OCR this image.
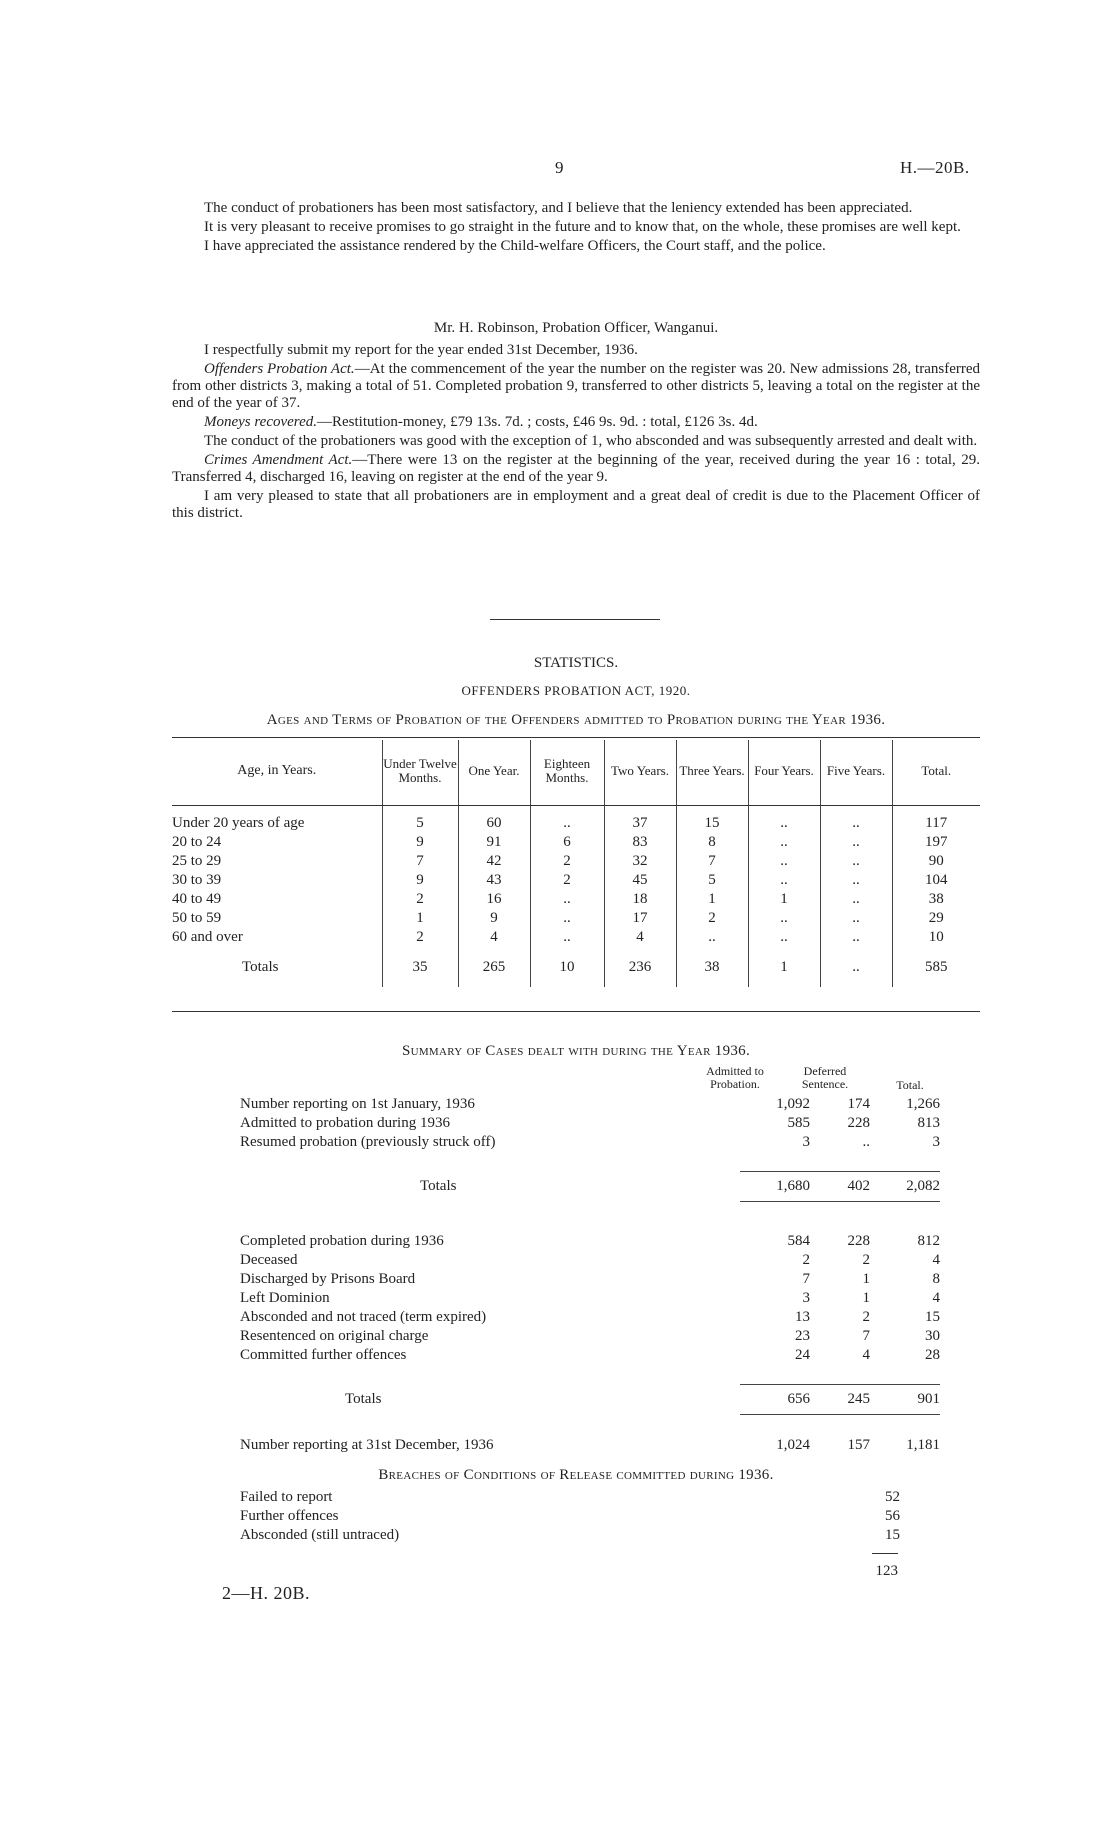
9	H.—20B.

The conduct of probationers has been most satisfactory, and I believe that the leniency extended has been appreciated.

It is very pleasant to receive promises to go straight in the future and to know that, on the whole, these promises are well kept.

I have appreciated the assistance rendered by the Child-welfare Officers, the Court staff, and the police.

Mr. H. Robinson, Probation Officer, Wanganui.

I respectfully submit my report for the year ended 31st December, 1936.

Offenders Probation Act.—At the commencement of the year the number on the register was 20. New admissions 28, transferred from other districts 3, making a total of 51. Completed probation 9, transferred to other districts 5, leaving a total on the register at the end of the year of 37.

Moneys recovered.—Restitution-money, £79 13s. 7d. ; costs, £46 9s. 9d. : total, £126 3s. 4d.

The conduct of the probationers was good with the exception of 1, who absconded and was subsequently arrested and dealt with.

Crimes Amendment Act.—There were 13 on the register at the beginning of the year, received during the year 16 : total, 29. Transferred 4, discharged 16, leaving on register at the end of the year 9.

I am very pleased to state that all probationers are in employment and a great deal of credit is due to the Placement Officer of this district.

STATISTICS.
OFFENDERS PROBATION ACT, 1920.
Ages and Terms of Probation of the Offenders admitted to Probation during the Year 1936.
Age, in Years.	Under Twelve Months.	One Year.	Eighteen Months.	Two Years.	Three Years.	Four Years.	Five Years.	Total.

Under 20 years of age	5	60	..	37	15	..	..	117
20 to 24	9	91	6	83	8	..	..	197
25 to 29	7	42	2	32	7	..	..	90
30 to 39	9	43	2	45	5	..	..	104
40 to 49	2	16	..	18	1	1	..	38
50 to 59	1	9	..	17	2	..	..	29
60 and over	2	4	..	4	..	..	..	10
Totals	35	265	10	236	38	1	..	585
Summary of Cases dealt with during the Year 1936.
Admitted to Probation.
Deferred Sentence.	Total.
Number reporting on 1st January, 1936	1,092	174	1,266
Admitted to probation during 1936	585	228	813
Resumed probation (previously struck off)	3	..	3

Totals	1,680	402	2,082

Completed probation during 1936	584	228	812
Deceased	2	2	4
Discharged by Prisons Board	7	1	8
Left Dominion	3	1	4
Absconded and not traced (term expired)	13	2	15
Resentenced on original charge	23	7	30
Committed further offences	24	4	28

Totals	656	245	901

Number reporting at 31st December, 1936	1,024	157	1,181
Breaches of Conditions of Release committed during 1936.
Failed to report	52
Further offences	56
Absconded (still untraced)	15
123
2—H. 20B.
